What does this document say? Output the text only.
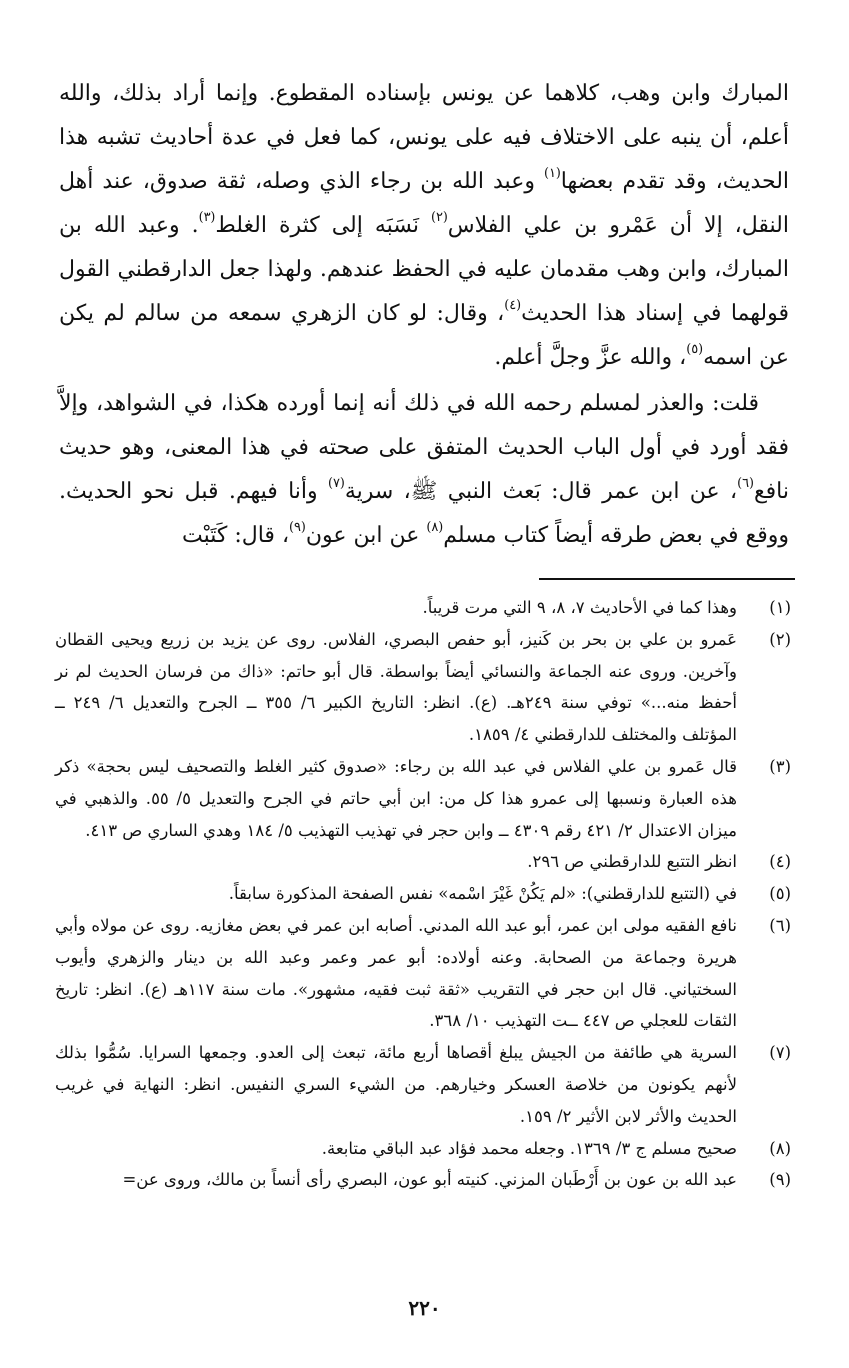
المبارك وابن وهب، كلاهما عن يونس بإسناده المقطوع. وإنما أراد بذلك، والله أعلم، أن ينبه على الاختلاف فيه على يونس، كما فعل في عدة أحاديث تشبه هذا الحديث، وقد تقدم بعضها$^{(١)}$ وعبد الله بن رجاء الذي وصله، ثقة صدوق، عند أهل النقل، إلا أن عَمْرو بن علي الفلاس$^{(٢)}$ نَسَبَه إلى كثرة الغلط$^{(٣)}$. وعبد الله بن المبارك، وابن وهب مقدمان عليه في الحفظ عندهم. ولهذا جعل الدارقطني القول قولهما في إسناد هذا الحديث$^{(٤)}$، وقال: لو كان الزهري سمعه من سالم لم يكن عن اسمه$^{(٥)}$، والله عزَّ وجلَّ أعلم.

قلت: والعذر لمسلم رحمه الله في ذلك أنه إنما أورده هكذا، في الشواهد، وإلاَّ فقد أورد في أول الباب الحديث المتفق على صحته في هذا المعنى، وهو حديث نافع$^{(٦)}$، عن ابن عمر قال: بَعث النبي ﷺ، سرية$^{(٧)}$ وأنا فيهم. قبل نحو الحديث. ووقع في بعض طرقه أيضاً كتاب مسلم$^{(٨)}$ عن ابن عون$^{(٩)}$، قال: كَتَبْت

(١)
وهذا كما في الأحاديث ٧، ٨، ٩ التي مرت قريباً.
(٢)
عَمرو بن علي بن بحر بن كَنيز، أبو حفص البصري، الفلاس. روى عن يزيد بن زريع ويحيى القطان وآخرين. وروى عنه الجماعة والنسائي أيضاً بواسطة. قال أبو حاتم: «ذاك من فرسان الحديث لم نر أحفظ منه...» توفي سنة ٢٤٩هـ. (ع). انظر: التاريخ الكبير ٦/ ٣٥٥ ــ الجرح والتعديل ٦/ ٢٤٩ ــ المؤتلف والمختلف للدارقطني ٤/ ١٨٥٩.
(٣)
قال عَمرو بن علي الفلاس في عبد الله بن رجاء: «صدوق كثير الغلط والتصحيف ليس بحجة» ذكر هذه العبارة ونسبها إلى عمرو هذا كل من: ابن أبي حاتم في الجرح والتعديل ٥/ ٥٥. والذهبي في ميزان الاعتدال ٢/ ٤٢١ رقم ٤٣٠٩ ــ وابن حجر في تهذيب التهذيب ٥/ ١٨٤ وهدي الساري ص ٤١٣.
(٤)
انظر التتبع للدارقطني ص ٢٩٦.
(٥)
في (التتبع للدارقطني): «لم يَكُنْ غَيْرَ اسْمه» نفس الصفحة المذكورة سابقاً.
(٦)
نافع الفقيه مولى ابن عمر، أبو عبد الله المدني. أصابه ابن عمر في بعض مغازيه. روى عن مولاه وأبي هريرة وجماعة من الصحابة. وعنه أولاده: أبو عمر وعمر وعبد الله بن دينار والزهري وأيوب السختياني. قال ابن حجر في التقريب «ثقة ثبت فقيه، مشهور». مات سنة ١١٧هـ (ع). انظر: تاريخ الثقات للعجلي ص ٤٤٧ ــت التهذيب ١٠/ ٣٦٨.
(٧)
السرية هي طائفة من الجيش يبلغ أقصاها أربع مائة، تبعث إلى العدو. وجمعها السرايا. سُمُّوا بذلك لأنهم يكونون من خلاصة العسكر وخيارهم. من الشيء السري النفيس. انظر: النهاية في غريب الحديث والأثر لابن الأثير ٢/ ١٥٩.
(٨)
صحيح مسلم ج ٣/ ١٣٦٩. وجعله محمد فؤاد عبد الباقي متابعة.
(٩)
عبد الله بن عون بن أَرْطَبان المزني. كنيته أبو عون، البصري رأى أنساً بن مالك، وروى عن=
٢٢٠
